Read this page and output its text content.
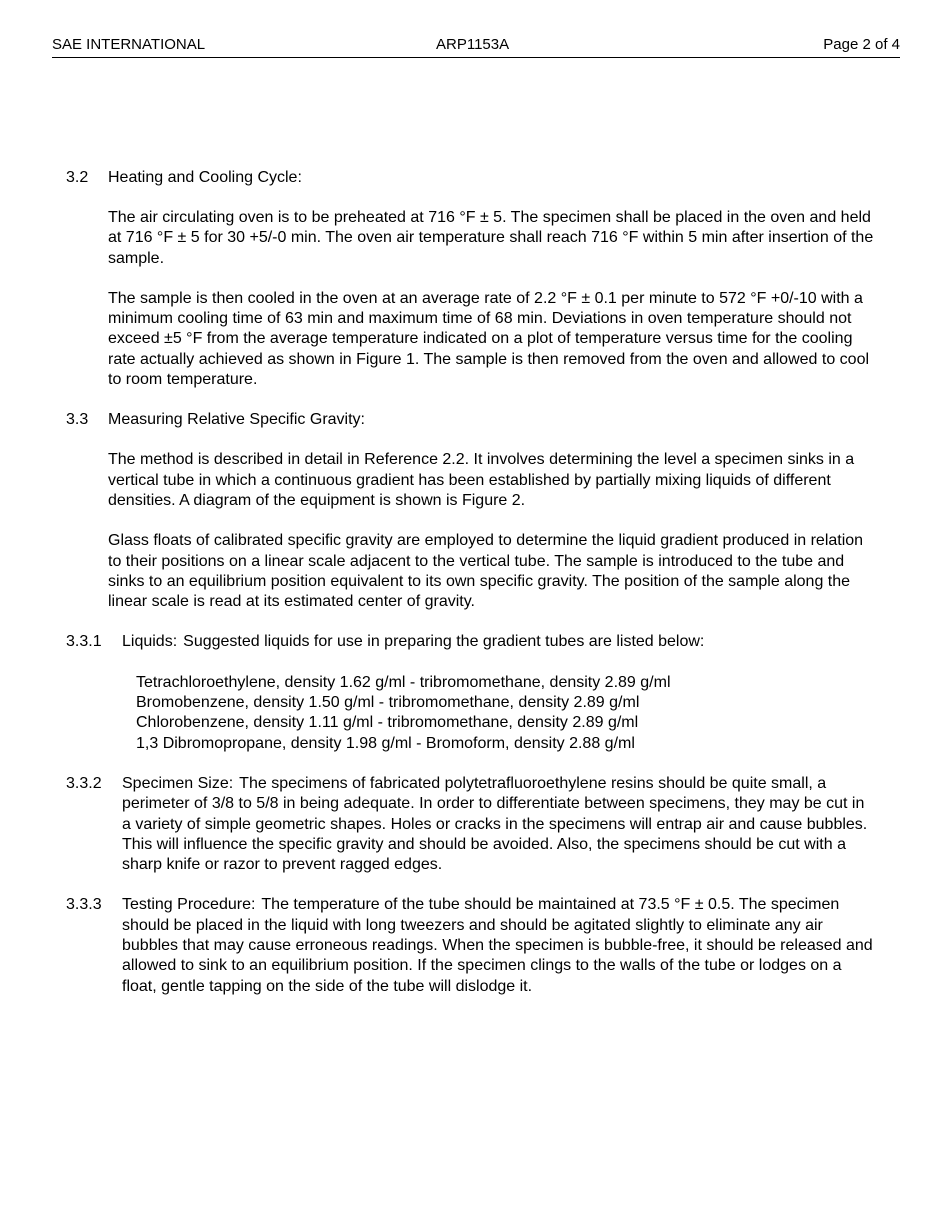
SAE INTERNATIONAL	ARP1153A	Page 2 of 4
3.2 Heating and Cooling Cycle:

The air circulating oven is to be preheated at 716 °F ± 5. The specimen shall be placed in the oven and held at 716 °F ± 5 for 30 +5/-0 min. The oven air temperature shall reach 716 °F within 5 min after insertion of the sample.

The sample is then cooled in the oven at an average rate of 2.2 °F ± 0.1 per minute to 572 °F +0/-10 with a minimum cooling time of 63 min and maximum time of 68 min. Deviations in oven temperature should not exceed ±5 °F from the average temperature indicated on a plot of temperature versus time for the cooling rate actually achieved as shown in Figure 1. The sample is then removed from the oven and allowed to cool to room temperature.

3.3 Measuring Relative Specific Gravity:

The method is described in detail in Reference 2.2. It involves determining the level a specimen sinks in a vertical tube in which a continuous gradient has been established by partially mixing liquids of different densities. A diagram of the equipment is shown is Figure 2.

Glass floats of calibrated specific gravity are employed to determine the liquid gradient produced in relation to their positions on a linear scale adjacent to the vertical tube. The sample is introduced to the tube and sinks to an equilibrium position equivalent to its own specific gravity. The position of the sample along the linear scale is read at its estimated center of gravity.

3.3.1 Liquids: Suggested liquids for use in preparing the gradient tubes are listed below:
Tetrachloroethylene, density 1.62 g/ml - tribromomethane, density 2.89 g/ml
Bromobenzene, density 1.50 g/ml - tribromomethane, density 2.89 g/ml
Chlorobenzene, density 1.11 g/ml - tribromomethane, density 2.89 g/ml
1,3 Dibromopropane, density 1.98 g/ml - Bromoform, density 2.88 g/ml
3.3.2 Specimen Size: The specimens of fabricated polytetrafluoroethylene resins should be quite small, a perimeter of 3/8 to 5/8 in being adequate. In order to differentiate between specimens, they may be cut in a variety of simple geometric shapes. Holes or cracks in the specimens will entrap air and cause bubbles. This will influence the specific gravity and should be avoided. Also, the specimens should be cut with a sharp knife or razor to prevent ragged edges.
3.3.3 Testing Procedure: The temperature of the tube should be maintained at 73.5 °F ± 0.5. The specimen should be placed in the liquid with long tweezers and should be agitated slightly to eliminate any air bubbles that may cause erroneous readings. When the specimen is bubble-free, it should be released and allowed to sink to an equilibrium position. If the specimen clings to the walls of the tube or lodges on a float, gentle tapping on the side of the tube will dislodge it.
